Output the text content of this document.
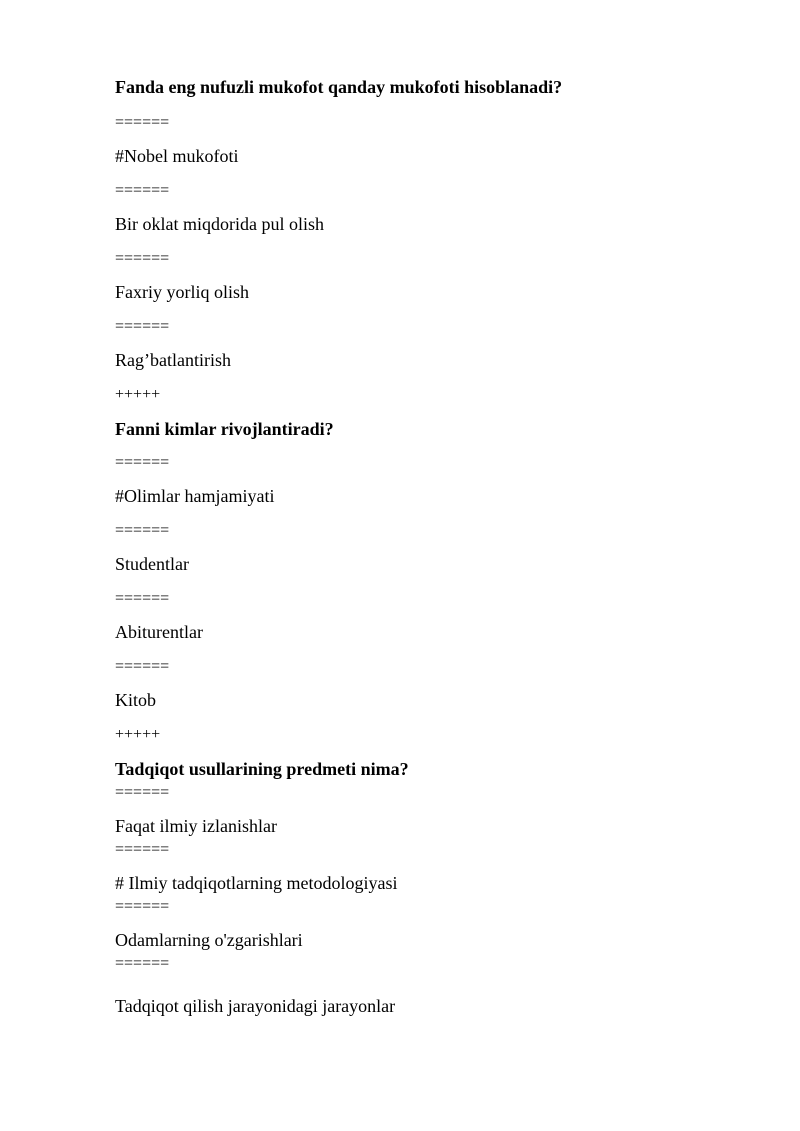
Fanda eng nufuzli mukofot qanday mukofoti hisoblanadi?
======
#Nobel mukofoti
======
Bir oklat miqdorida pul olish
======
Faxriy yorliq olish
======
Rag’batlantirish
+++++
Fanni kimlar rivojlantiradi?
======
#Olimlar hamjamiyati
======
Studentlar
======
Abiturentlar
======
Kitob
+++++
Tadqiqot usullarining predmeti nima?
======
Faqat ilmiy izlanishlar
======
# Ilmiy tadqiqotlarning metodologiyasi
======
Odamlarning o'zgarishlari
======
Tadqiqot qilish jarayonidagi jarayonlar
